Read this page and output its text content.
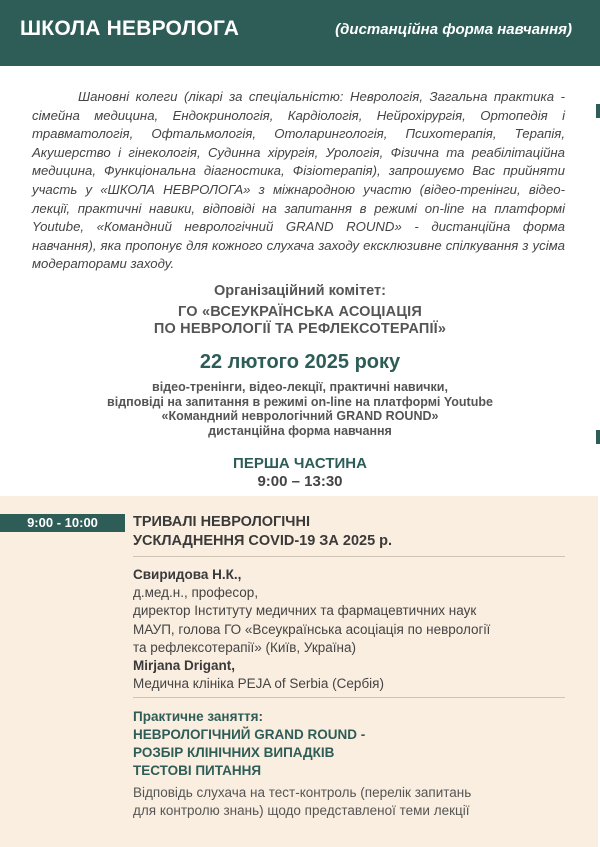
ШКОЛА НЕВРОЛОГА	(дистанційна форма навчання)
Шановні колеги (лікарі за спеціальністю: Неврологія, Загальна практика - сімейна медицина, Ендокринологія, Кардіологія, Нейрохірургія, Ортопедія і травматологія, Офтальмологія, Отоларингологія, Психотерапія, Терапія, Акушерство і гінекологія, Судинна хірургія, Урологія, Фізична та реабілітаційна медицина, Функціональна діагностика, Фізіотерапія), запрошуємо Вас прийняти участь у «ШКОЛА НЕВРОЛОГА» з міжнародною участю (відео-тренінги, відео-лекції, практичні навики, відповіді на запитання в режимі on-line на платформі Youtube, «Командний неврологічний GRAND ROUND» - дистанційна форма навчання), яка пропонує для кожного слухача заходу ексклюзивне спілкування з усіма модераторами заходу.
Організаційний комітет:
ГО «ВСЕУКРАЇНСЬКА АСОЦІАЦІЯ
ПО НЕВРОЛОГІЇ ТА РЕФЛЕКСОТЕРАПІЇ»
22 лютого 2025 року
відео-тренінги, відео-лекції, практичні навички,
відповіді на запитання в режимі on-line на платформі Youtube
«Командний неврологічний GRAND ROUND»
дистанційна форма навчання
ПЕРША ЧАСТИНА
9:00 – 13:30
9:00 - 10:00	ТРИВАЛІ НЕВРОЛОГІЧНІ
УСКЛАДНЕННЯ COVID-19 ЗА 2025 р.
Свиридова Н.К.,
д.мед.н., професор,
директор Інституту медичних та фармацевтичних наук
МАУП, голова ГО «Всеукраїнська асоціація по неврології
та рефлексотерапії» (Київ, Україна)
Mirjana Drigant,
Медична клініка PEJA of Serbia (Сербія)
Практичне заняття:
НЕВРОЛОГІЧНИЙ GRAND ROUND -
РОЗБІР КЛІНІЧНИХ ВИПАДКІВ
ТЕСТОВІ ПИТАННЯ
Відповідь слухача на тест-контроль (перелік запитань
для контролю знань) щодо представленої теми лекції
